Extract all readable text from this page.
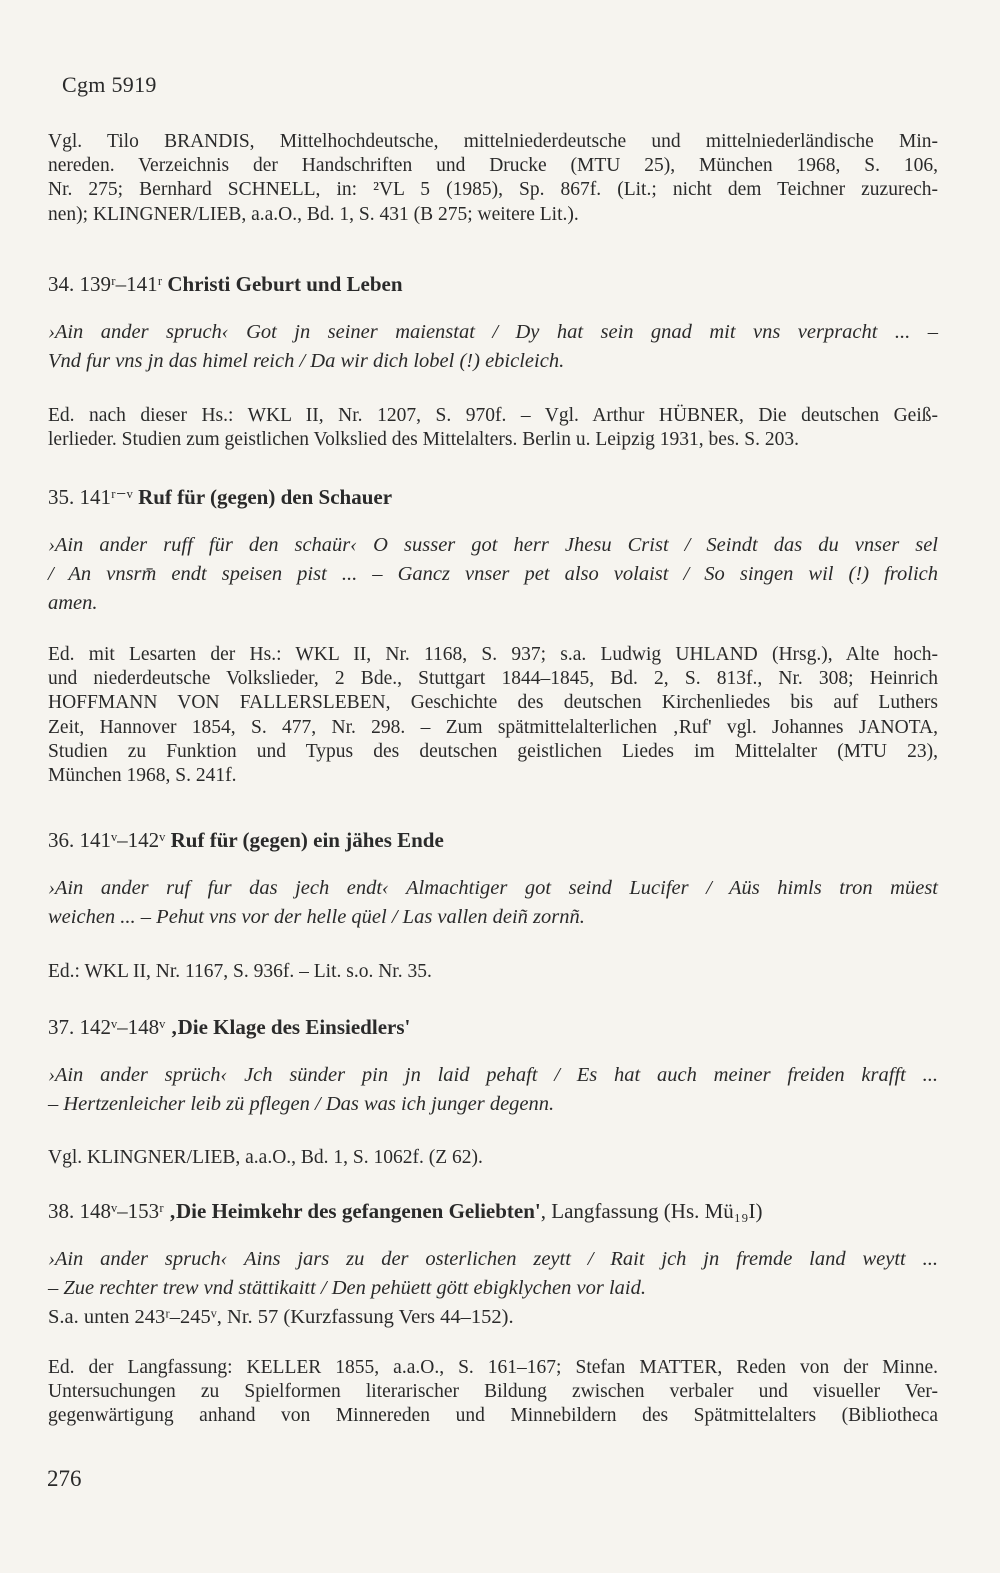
Cgm 5919
Vgl. Tilo BRANDIS, Mittelhochdeutsche, mittelniederdeutsche und mittelniederländische Min-
nereden. Verzeichnis der Handschriften und Drucke (MTU 25), München 1968, S. 106,
Nr. 275; Bernhard SCHNELL, in: ²VL 5 (1985), Sp. 867f. (Lit.; nicht dem Teichner zuzurech-
nen); KLINGNER/LIEB, a.a.O., Bd. 1, S. 431 (B 275; weitere Lit.).
34. 139ʳ–141ʳ Christi Geburt und Leben
›Ain ander spruch‹ Got jn seiner maienstat / Dy hat sein gnad mit vns verpracht ... –
Vnd fur vns jn das himel reich / Da wir dich lobel (!) ebicleich.
Ed. nach dieser Hs.: WKL II, Nr. 1207, S. 970f. – Vgl. Arthur HÜBNER, Die deutschen Geiß-
lerlieder. Studien zum geistlichen Volkslied des Mittelalters. Berlin u. Leipzig 1931, bes. S. 203.
35. 141ʳ⁻ᵛ Ruf für (gegen) den Schauer
›Ain ander ruff für den schaür‹ O susser got herr Jhesu Crist / Seindt das du vnser sel
/ An vnsrm̄ endt speisen pist ... – Gancz vnser pet also volaist / So singen wil (!) frolich
amen.
Ed. mit Lesarten der Hs.: WKL II, Nr. 1168, S. 937; s.a. Ludwig UHLAND (Hrsg.), Alte hoch-
und niederdeutsche Volkslieder, 2 Bde., Stuttgart 1844–1845, Bd. 2, S. 813f., Nr. 308; Heinrich
HOFFMANN VON FALLERSLEBEN, Geschichte des deutschen Kirchenliedes bis auf Luthers
Zeit, Hannover 1854, S. 477, Nr. 298. – Zum spätmittelalterlichen ‚Ruf' vgl. Johannes JANOTA,
Studien zu Funktion und Typus des deutschen geistlichen Liedes im Mittelalter (MTU 23),
München 1968, S. 241f.
36. 141ᵛ–142ᵛ Ruf für (gegen) ein jähes Ende
›Ain ander ruf fur das jech endt‹ Almachtiger got seind Lucifer / Aüs himls tron müest
weichen ... – Pehut vns vor der helle qüel / Las vallen deiñ zornñ.
Ed.: WKL II, Nr. 1167, S. 936f. – Lit. s.o. Nr. 35.
37. 142ᵛ–148ᵛ ‚Die Klage des Einsiedlers'
›Ain ander sprüch‹ Jch sünder pin jn laid pehaft / Es hat auch meiner freiden krafft ...
– Hertzenleicher leib zü pflegen / Das was ich junger degenn.
Vgl. KLINGNER/LIEB, a.a.O., Bd. 1, S. 1062f. (Z 62).
38. 148ᵛ–153ʳ ‚Die Heimkehr des gefangenen Geliebten', Langfassung (Hs. Mü₁₉I)
›Ain ander spruch‹ Ains jars zu der osterlichen zeytt / Rait jch jn fremde land weytt ...
– Zue rechter trew vnd stättikaitt / Den pehüett gött ebigklychen vor laid.
S.a. unten 243ʳ–245ᵛ, Nr. 57 (Kurzfassung Vers 44–152).
Ed. der Langfassung: KELLER 1855, a.a.O., S. 161–167; Stefan MATTER, Reden von der Minne.
Untersuchungen zu Spielformen literarischer Bildung zwischen verbaler und visueller Ver-
gegenwärtigung anhand von Minnereden und Minnebildern des Spätmittelalters (Bibliotheca
276
